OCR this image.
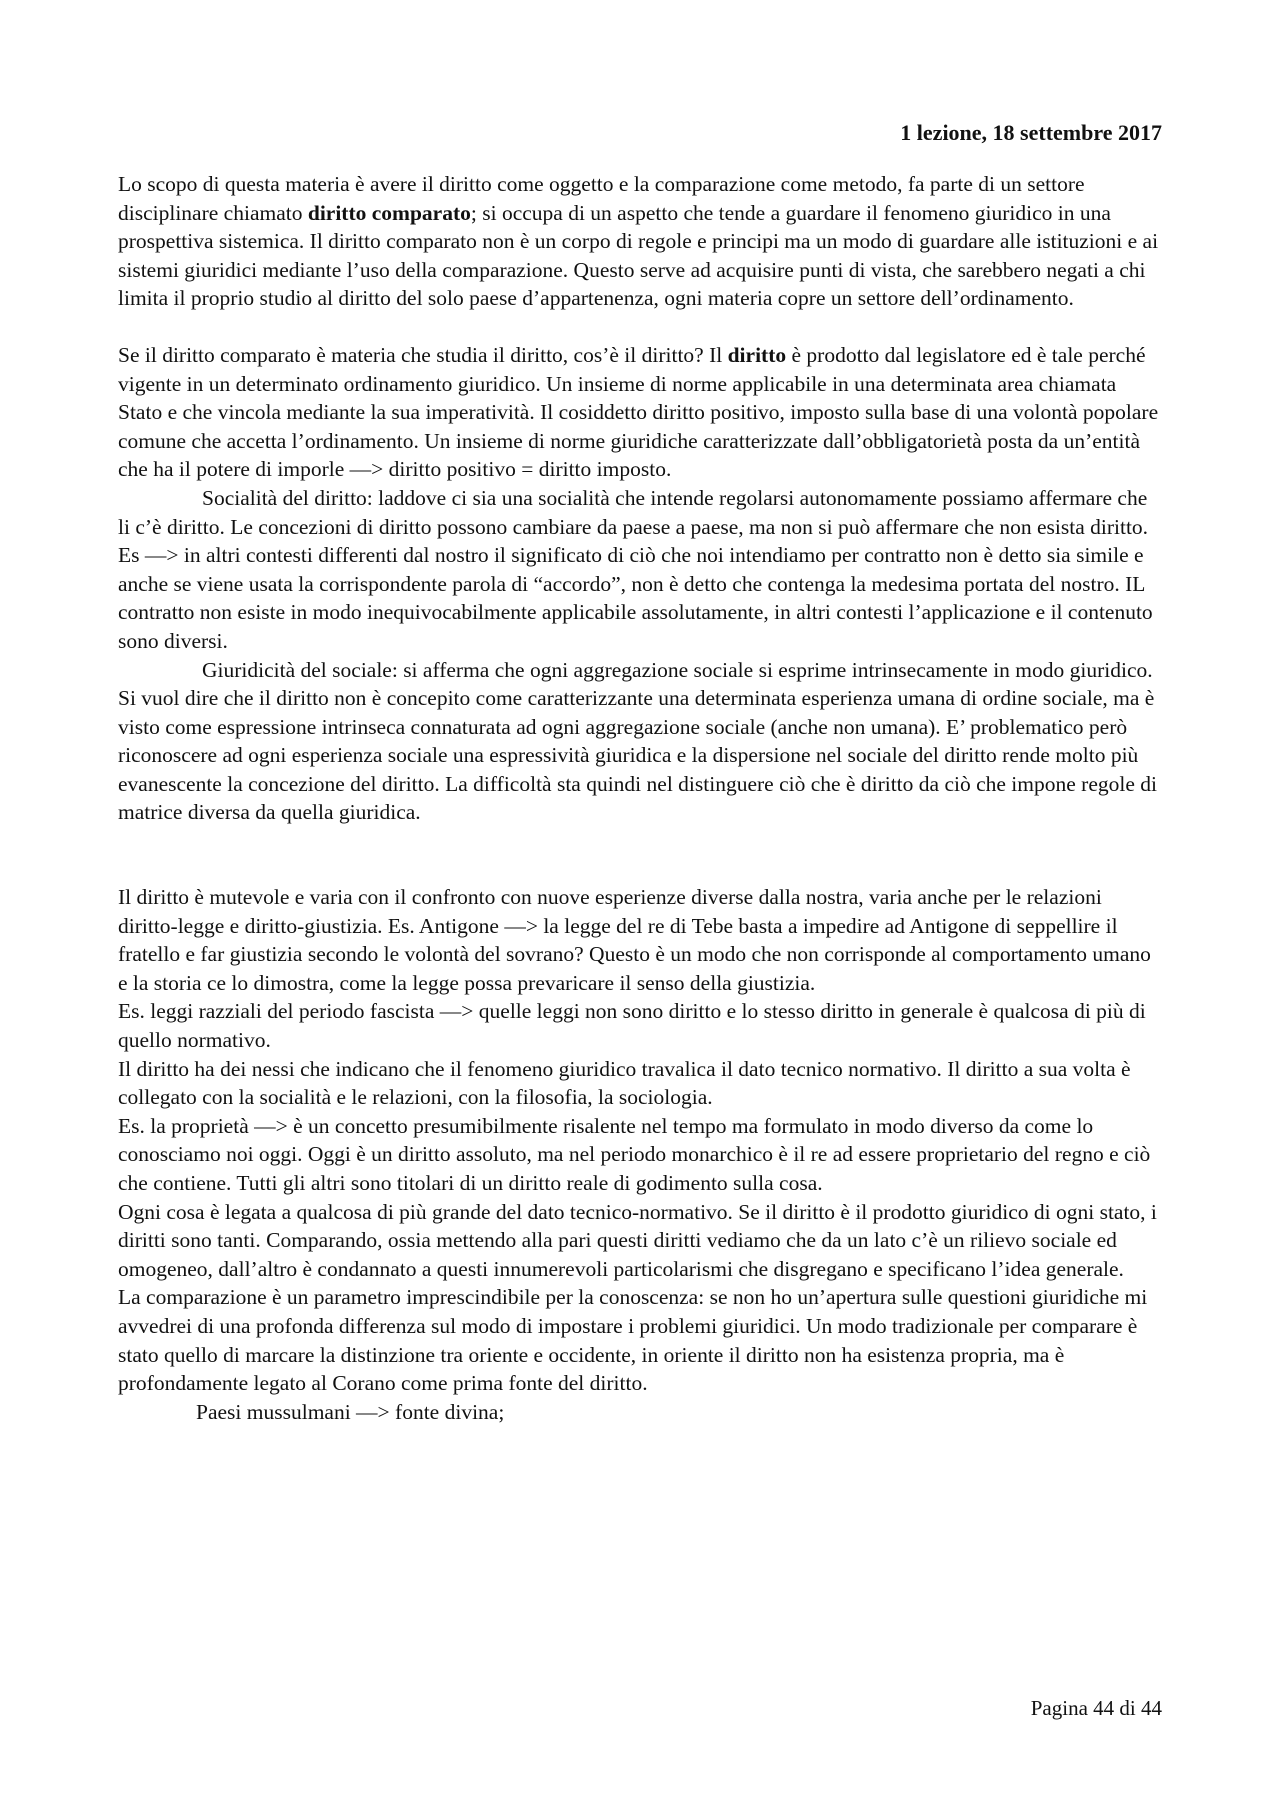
1 lezione, 18 settembre 2017

Lo scopo di questa materia è avere il diritto come oggetto e la comparazione come metodo, fa parte di un settore disciplinare chiamato diritto comparato; si occupa di un aspetto che tende a guardare il fenomeno giuridico in una prospettiva sistemica. Il diritto comparato non è un corpo di regole e principi ma un modo di guardare alle istituzioni e ai sistemi giuridici mediante l’uso della comparazione. Questo serve ad acquisire punti di vista, che sarebbero negati a chi limita il proprio studio al diritto del solo paese d’appartenenza, ogni materia copre un settore dell’ordinamento.

Se il diritto comparato è materia che studia il diritto, cos’è il diritto? Il diritto è prodotto dal legislatore ed è tale perché vigente in un determinato ordinamento giuridico. Un insieme di norme applicabile in una determinata area chiamata Stato e che vincola mediante la sua imperatività. Il cosiddetto diritto positivo, imposto sulla base di una volontà popolare comune che accetta l’ordinamento. Un insieme di norme giuridiche caratterizzate dall’obbligatorietà posta da un’entità che ha il potere di imporle —> diritto positivo = diritto imposto.

Socialità del diritto: laddove ci sia una socialità che intende regolarsi autonomamente possiamo affermare che li c’è diritto. Le concezioni di diritto possono cambiare da paese a paese, ma non si può affermare che non esista diritto.

Es —> in altri contesti differenti dal nostro il significato di ciò che noi intendiamo per contratto non è detto sia simile e anche se viene usata la corrispondente parola di “accordo”, non è detto che contenga la medesima portata del nostro. IL contratto non esiste in modo inequivocabilmente applicabile assolutamente, in altri contesti l’applicazione e il contenuto sono diversi.

Giuridicità del sociale: si afferma che ogni aggregazione sociale si esprime intrinsecamente in modo giuridico. Si vuol dire che il diritto non è concepito come caratterizzante una determinata esperienza umana di ordine sociale, ma è visto come espressione intrinseca connaturata ad ogni aggregazione sociale (anche non umana). E’ problematico però riconoscere ad ogni esperienza sociale una espressività giuridica e la dispersione nel sociale del diritto rende molto più evanescente la concezione del diritto. La difficoltà sta quindi nel distinguere ciò che è diritto da ciò che impone regole di matrice diversa da quella giuridica.

Il diritto è mutevole e varia con il confronto con nuove esperienze diverse dalla nostra, varia anche per le relazioni diritto-legge e diritto-giustizia. Es. Antigone —> la legge del re di Tebe basta a impedire ad Antigone di seppellire il fratello e far giustizia secondo le volontà del sovrano? Questo è un modo che non corrisponde al comportamento umano e la storia ce lo dimostra, come la legge possa prevaricare il senso della giustizia.

Es. leggi razziali del periodo fascista —> quelle leggi non sono diritto e lo stesso diritto in generale è qualcosa di più di quello normativo.

Il diritto ha dei nessi che indicano che il fenomeno giuridico travalica il dato tecnico normativo. Il diritto a sua volta è collegato con la socialità e le relazioni, con la filosofia, la sociologia.

Es. la proprietà —> è un concetto presumibilmente risalente nel tempo ma formulato in modo diverso da come lo conosciamo noi oggi. Oggi è un diritto assoluto, ma nel periodo monarchico è il re ad essere proprietario del regno e ciò che contiene. Tutti gli altri sono titolari di un diritto reale di godimento sulla cosa.

Ogni cosa è legata a qualcosa di più grande del dato tecnico-normativo. Se il diritto è il prodotto giuridico di ogni stato, i diritti sono tanti. Comparando, ossia mettendo alla pari questi diritti vediamo che da un lato c’è un rilievo sociale ed omogeneo, dall’altro è condannato a questi innumerevoli particolarismi che disgregano e specificano l’idea generale.

La comparazione è un parametro imprescindibile per la conoscenza: se non ho un’apertura sulle questioni giuridiche mi avvedrei di una profonda differenza sul modo di impostare i problemi giuridici. Un modo tradizionale per comparare è stato quello di marcare la distinzione tra oriente e occidente, in oriente il diritto non ha esistenza propria, ma è profondamente legato al Corano come prima fonte del diritto.

Paesi mussulmani —> fonte divina;

Pagina 44 di 44
